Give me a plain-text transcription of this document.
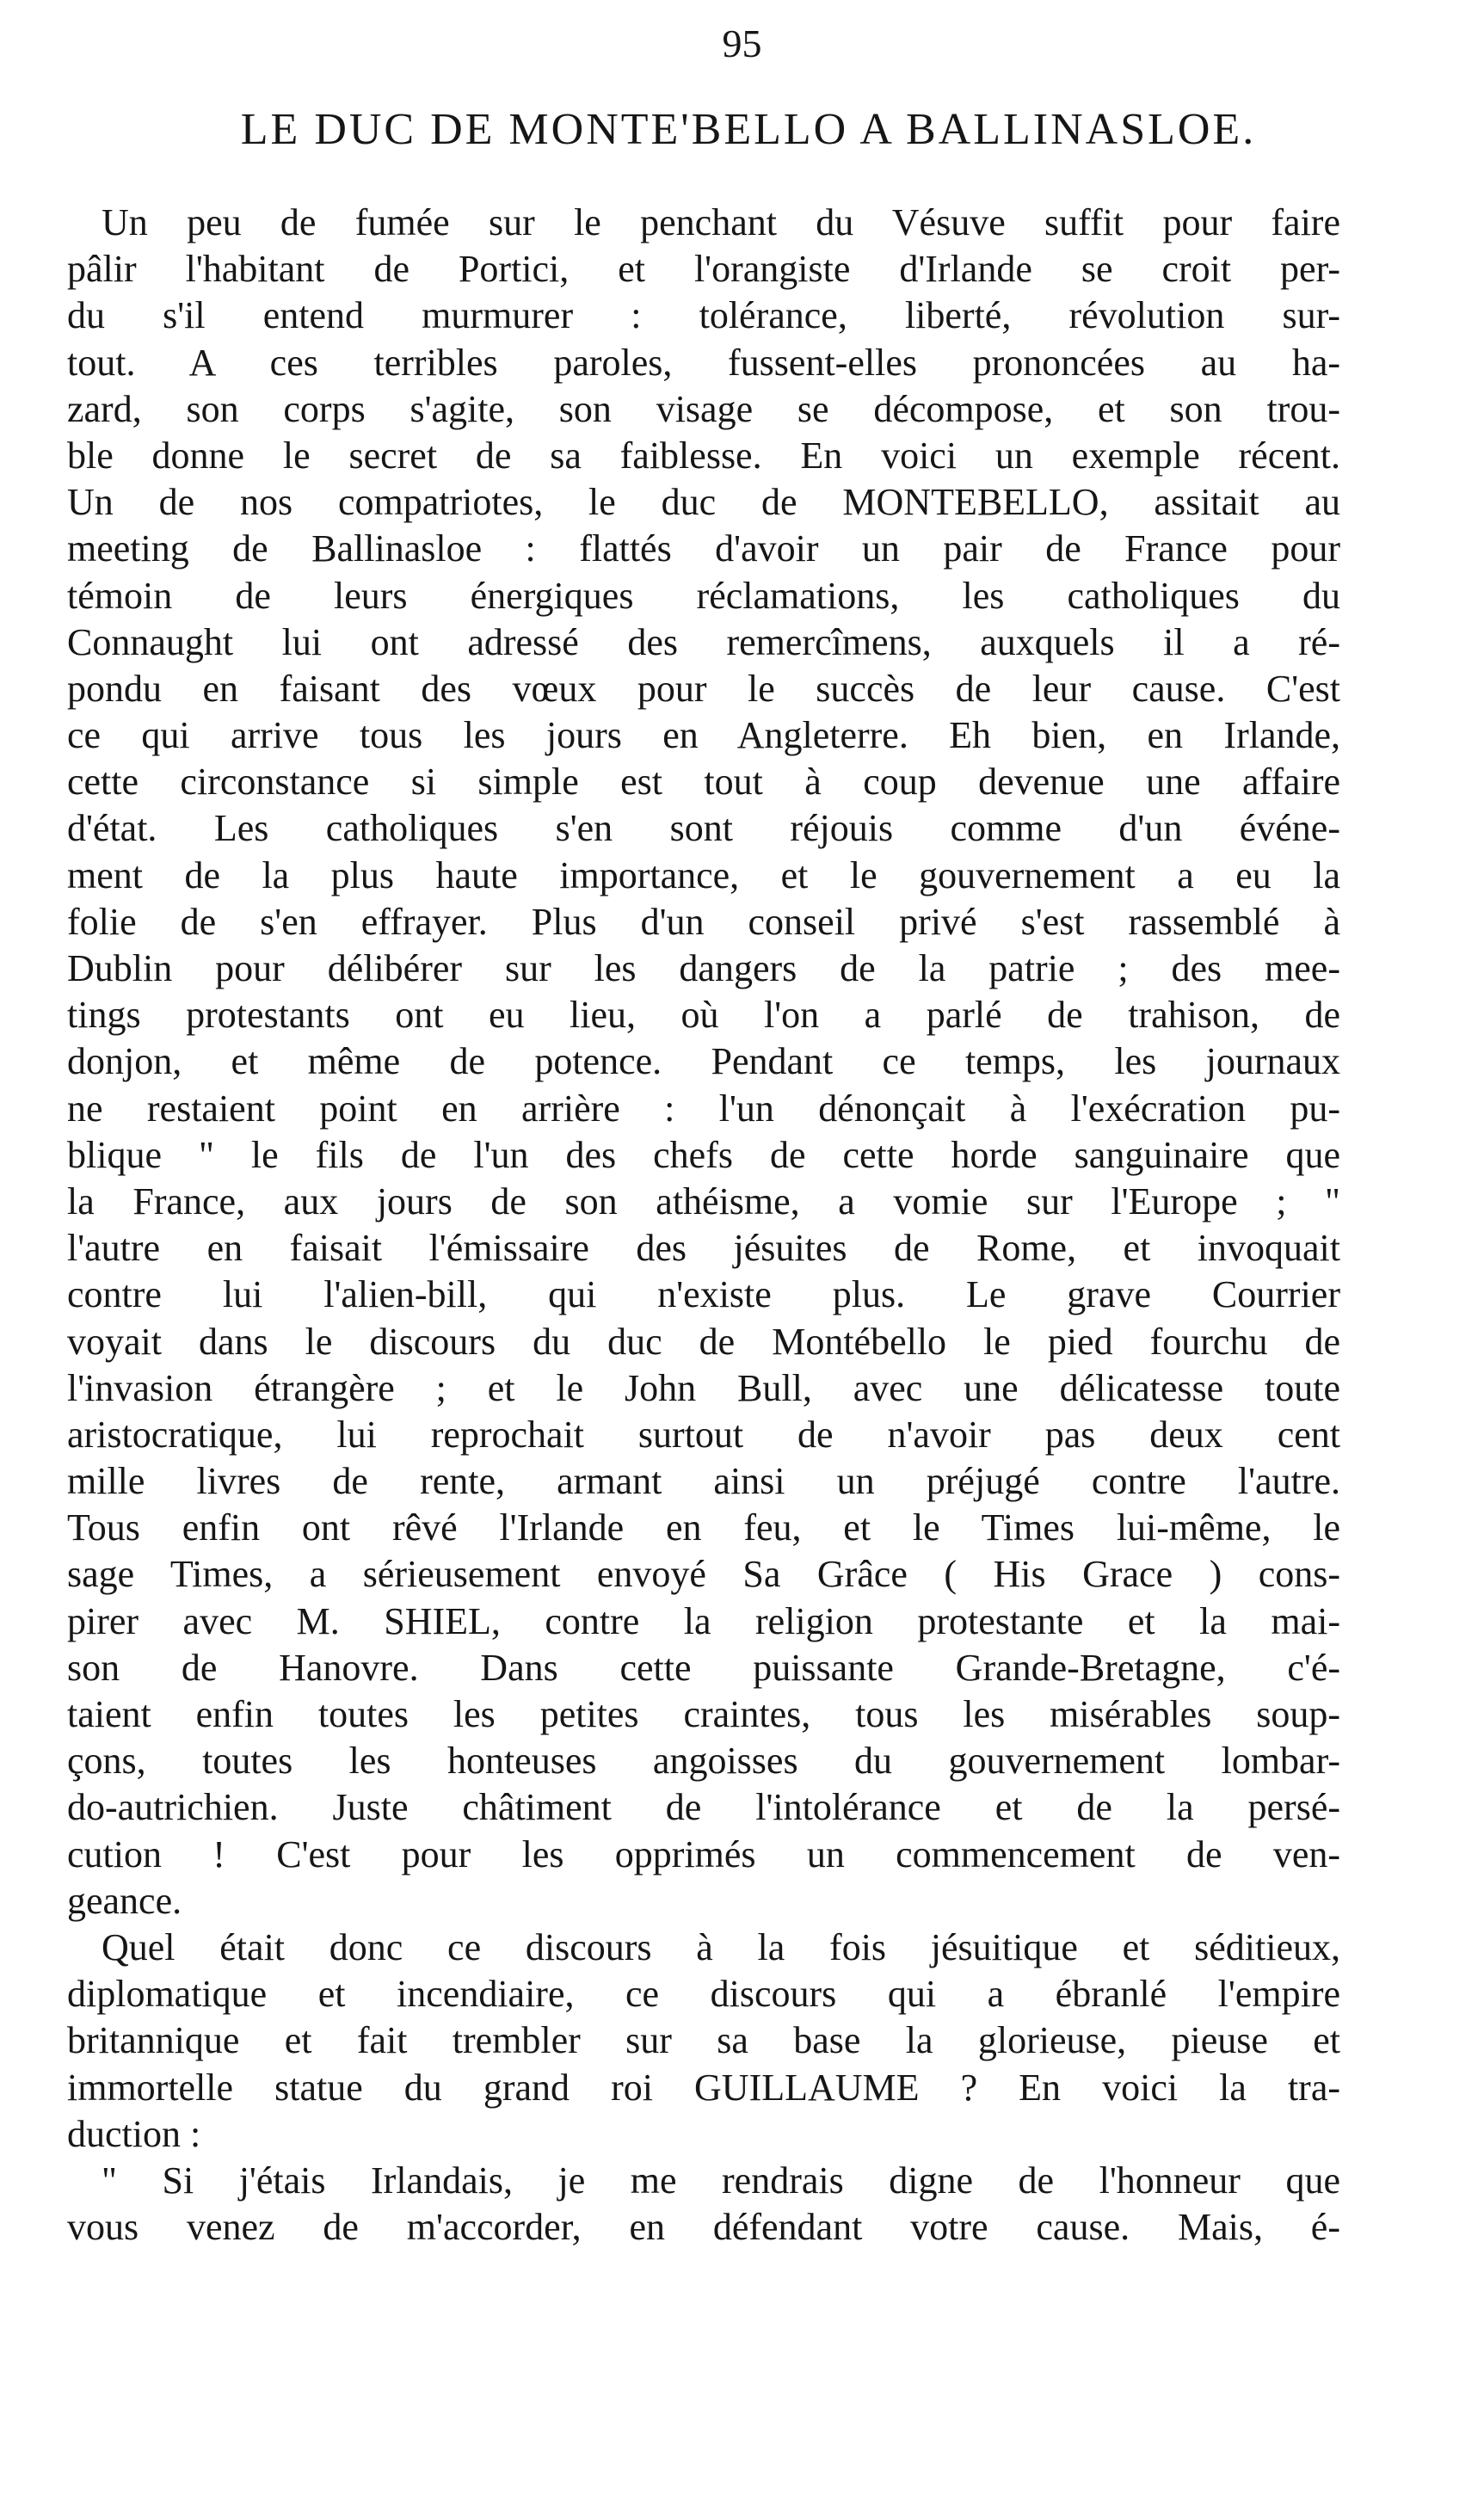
95
LE DUC DE MONTE'BELLO A BALLINASLOE.
Un peu de fumée sur le penchant du Vésuve suffit pour faire
pâlir l'habitant de Portici, et l'orangiste d'Irlande se croit per-
du s'il entend murmurer : tolérance, liberté, révolution sur-
tout. A ces terribles paroles, fussent-elles prononcées au ha-
zard, son corps s'agite, son visage se décompose, et son trou-
ble donne le secret de sa faiblesse. En voici un exemple récent.
Un de nos compatriotes, le duc de MONTEBELLO, assitait au
meeting de Ballinasloe : flattés d'avoir un pair de France pour
témoin de leurs énergiques réclamations, les catholiques du
Connaught lui ont adressé des remercîmens, auxquels il a ré-
pondu en faisant des vœux pour le succès de leur cause. C'est
ce qui arrive tous les jours en Angleterre. Eh bien, en Irlande,
cette circonstance si simple est tout à coup devenue une affaire
d'état. Les catholiques s'en sont réjouis comme d'un événe-
ment de la plus haute importance, et le gouvernement a eu la
folie de s'en effrayer. Plus d'un conseil privé s'est rassemblé à
Dublin pour délibérer sur les dangers de la patrie ; des mee-
tings protestants ont eu lieu, où l'on a parlé de trahison, de
donjon, et même de potence. Pendant ce temps, les journaux
ne restaient point en arrière : l'un dénonçait à l'exécration pu-
blique " le fils de l'un des chefs de cette horde sanguinaire que
la France, aux jours de son athéisme, a vomie sur l'Europe ; "
l'autre en faisait l'émissaire des jésuites de Rome, et invoquait
contre lui l'alien-bill, qui n'existe plus. Le grave Courrier
voyait dans le discours du duc de Montébello le pied fourchu de
l'invasion étrangère ; et le John Bull, avec une délicatesse toute
aristocratique, lui reprochait surtout de n'avoir pas deux cent
mille livres de rente, armant ainsi un préjugé contre l'autre.
Tous enfin ont rêvé l'Irlande en feu, et le Times lui-même, le
sage Times, a sérieusement envoyé Sa Grâce ( His Grace ) cons-
pirer avec M. SHIEL, contre la religion protestante et la mai-
son de Hanovre. Dans cette puissante Grande-Bretagne, c'é-
taient enfin toutes les petites craintes, tous les misérables soup-
çons, toutes les honteuses angoisses du gouvernement lombar-
do-autrichien. Juste châtiment de l'intolérance et de la persé-
cution ! C'est pour les opprimés un commencement de ven-
geance.
Quel était donc ce discours à la fois jésuitique et séditieux,
diplomatique et incendiaire, ce discours qui a ébranlé l'empire
britannique et fait trembler sur sa base la glorieuse, pieuse et
immortelle statue du grand roi GUILLAUME ? En voici la tra-
duction :
" Si j'étais Irlandais, je me rendrais digne de l'honneur que
vous venez de m'accorder, en défendant votre cause. Mais, é-
